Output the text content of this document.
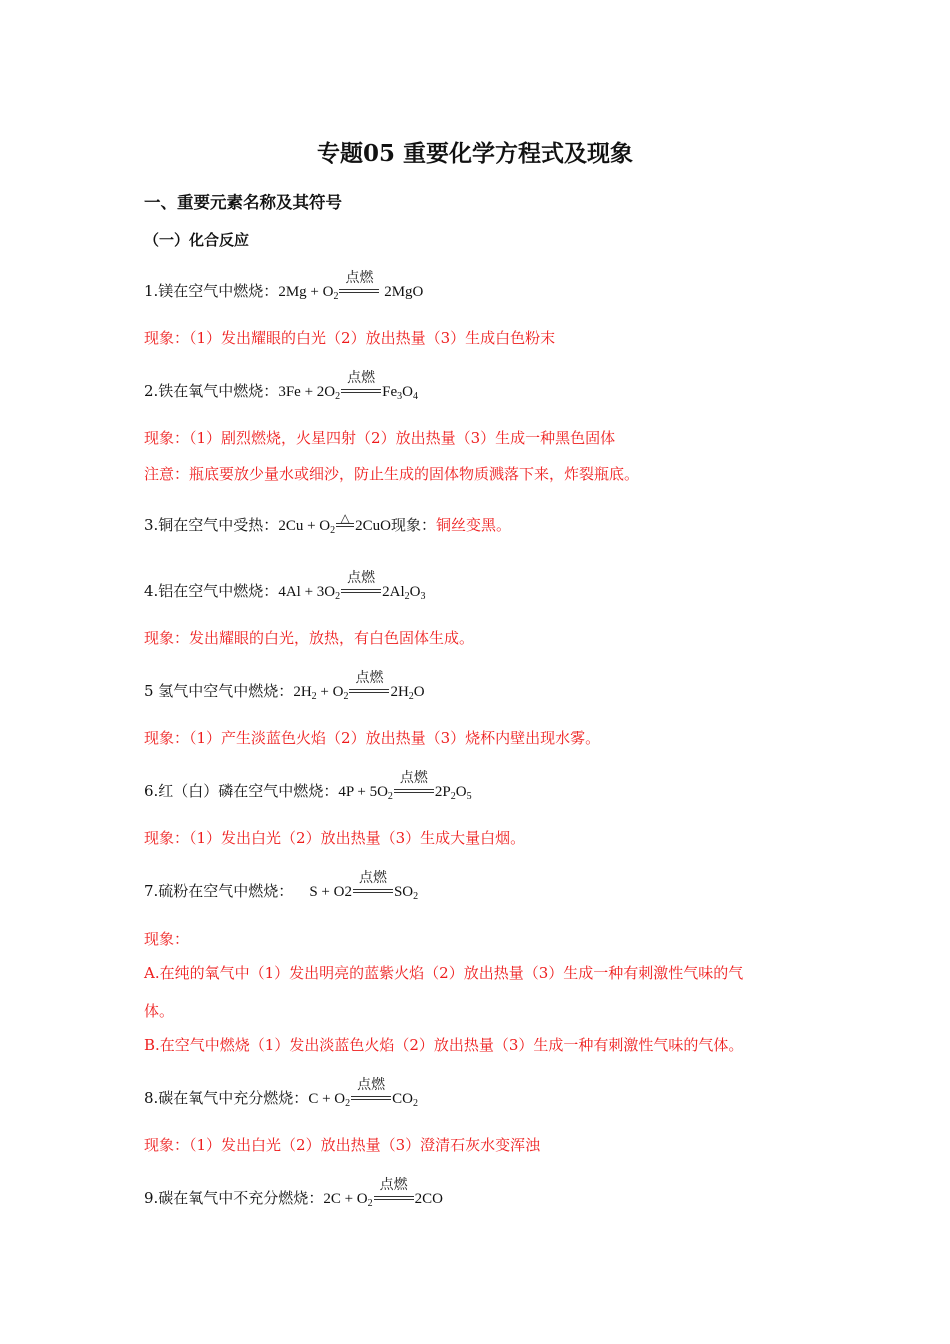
专题05 重要化学方程式及现象
一、重要元素名称及其符号
（一）化合反应
1.镁在空气中燃烧：$2Mg + O_2$
点燃
2MgO
现象：（1）发出耀眼的白光（2）放出热量（3）生成白色粉末
2.铁在氧气中燃烧：$3Fe + 2O_2$
点燃
$Fe_3O_4$
现象：（1）剧烈燃烧，火星四射（2）放出热量（3）生成一种黑色固体
注意：瓶底要放少量水或细沙，防止生成的固体物质溅落下来，炸裂瓶底。
3.铜在空气中受热：$2Cu + O_2$
△ 2CuO现象：铜丝变黑。
4.铝在空气中燃烧：$4Al + 3O_2$
点燃
$2Al_2O_3$
现象：发出耀眼的白光，放热，有白色固体生成。
5 氢气中空气中燃烧：$2H_2 + O_2$
点燃
$2H_2O$
现象：（1）产生淡蓝色火焰（2）放出热量（3）烧杯内壁出现水雾。
6.红（白）磷在空气中燃烧：$4P + 5O_2$
点燃
$2P_2O_5$
现象：（1）发出白光（2）放出热量（3）生成大量白烟。
7.硫粉在空气中燃烧： S + O2
点燃
$SO_2$
现象：
A.在纯的氧气中（1）发出明亮的蓝紫火焰（2）放出热量（3）生成一种有刺激性气味的气
体。
B.在空气中燃烧（1）发出淡蓝色火焰（2）放出热量（3）生成一种有刺激性气味的气体。
8.碳在氧气中充分燃烧：$C + O_2$
点燃
$CO_2$
现象：（1）发出白光（2）放出热量（3）澄清石灰水变浑浊
9.碳在氧气中不充分燃烧：$2C + O_2$
点燃
2CO
